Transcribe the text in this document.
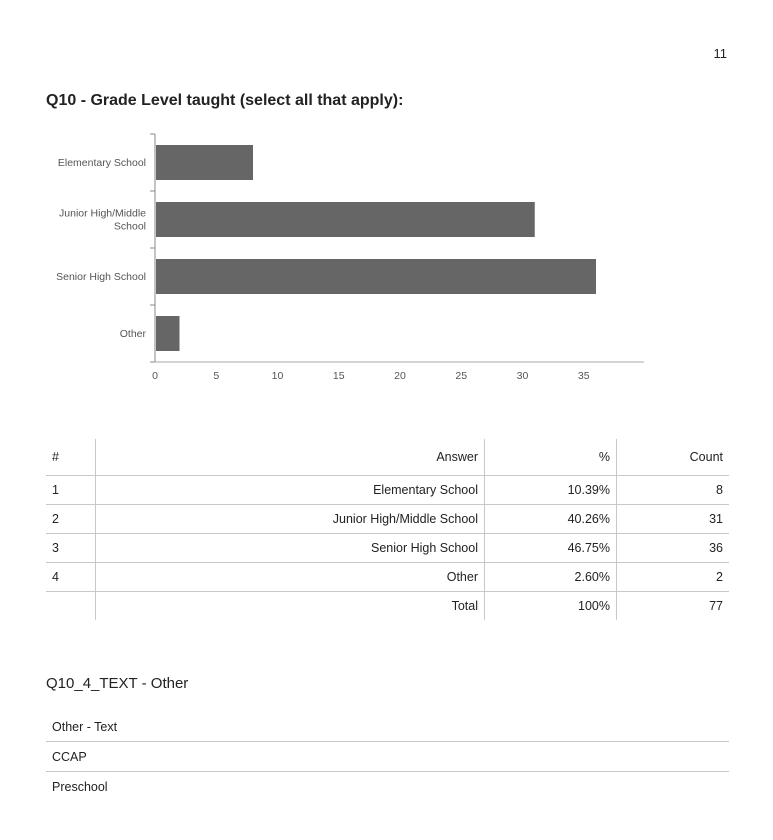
11
Q10 - Grade Level taught (select all that apply):
Elementary School
Junior High/Middle School
Senior High School
Other
0	5	10	15	20	25	30	35
#	Answer	%	Count
1	Elementary School	10.39%	8
2	Junior High/Middle School	40.26%	31
3	Senior High School	46.75%	36
4	Other	2.60%	2
	Total	100%	77
Q10_4_TEXT - Other
Other - Text
CCAP
Preschool
